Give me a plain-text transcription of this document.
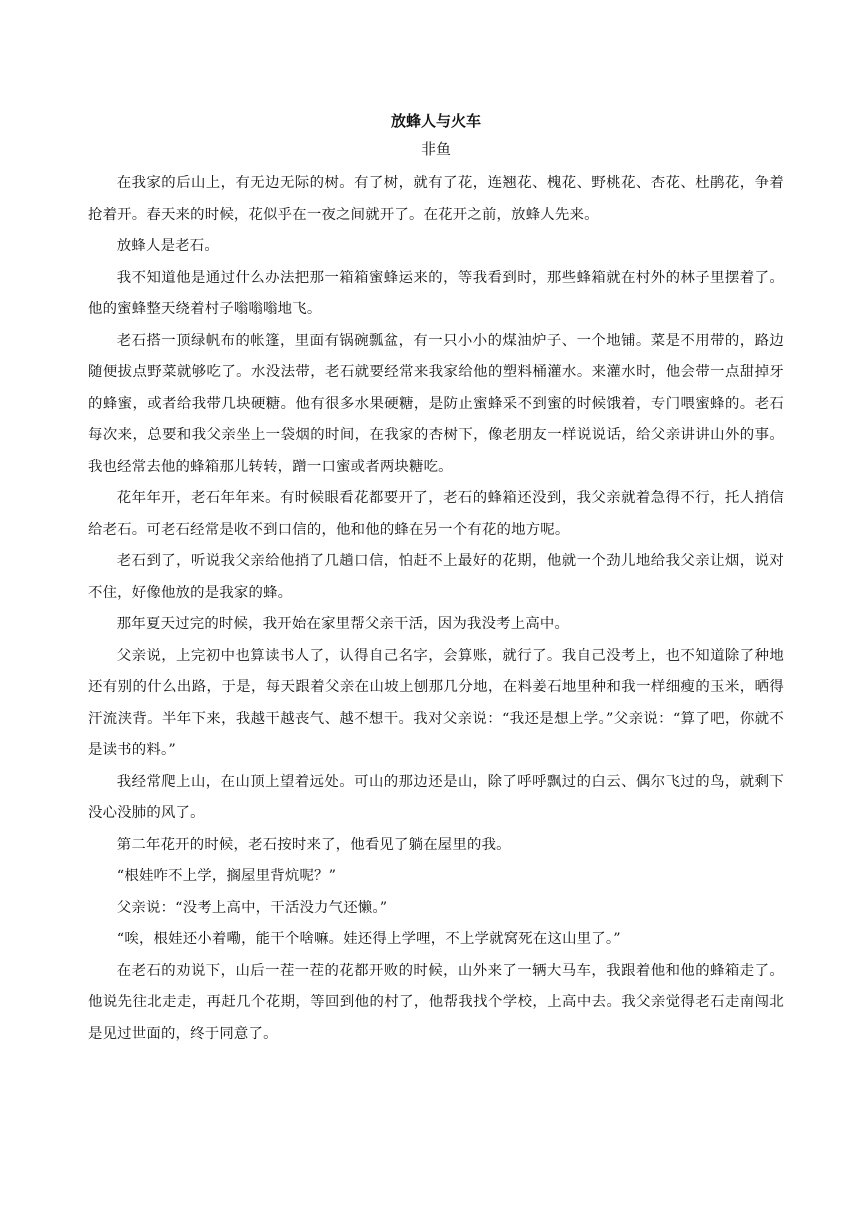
放蜂人与火车
非鱼

在我家的后山上，有无边无际的树。有了树，就有了花，连翘花、槐花、野桃花、杏花、杜鹃花，争着抢着开。春天来的时候，花似乎在一夜之间就开了。在花开之前，放蜂人先来。

放蜂人是老石。

我不知道他是通过什么办法把那一箱箱蜜蜂运来的，等我看到时，那些蜂箱就在村外的林子里摆着了。他的蜜蜂整天绕着村子嗡嗡嗡地飞。

老石搭一顶绿帆布的帐篷，里面有锅碗瓢盆，有一只小小的煤油炉子、一个地铺。菜是不用带的，路边随便拔点野菜就够吃了。水没法带，老石就要经常来我家给他的塑料桶灌水。来灌水时，他会带一点甜掉牙的蜂蜜，或者给我带几块硬糖。他有很多水果硬糖，是防止蜜蜂采不到蜜的时候饿着，专门喂蜜蜂的。老石每次来，总要和我父亲坐上一袋烟的时间，在我家的杏树下，像老朋友一样说说话，给父亲讲讲山外的事。我也经常去他的蜂箱那儿转转，蹭一口蜜或者两块糖吃。

花年年开，老石年年来。有时候眼看花都要开了，老石的蜂箱还没到，我父亲就着急得不行，托人捎信给老石。可老石经常是收不到口信的，他和他的蜂在另一个有花的地方呢。

老石到了，听说我父亲给他捎了几趟口信，怕赶不上最好的花期，他就一个劲儿地给我父亲让烟，说对不住，好像他放的是我家的蜂。

那年夏天过完的时候，我开始在家里帮父亲干活，因为我没考上高中。

父亲说，上完初中也算读书人了，认得自己名字，会算账，就行了。我自己没考上，也不知道除了种地还有别的什么出路，于是，每天跟着父亲在山坡上刨那几分地，在料姜石地里种和我一样细瘦的玉米，晒得汗流浃背。半年下来，我越干越丧气、越不想干。我对父亲说：“我还是想上学。”父亲说：“算了吧，你就不是读书的料。”

我经常爬上山，在山顶上望着远处。可山的那边还是山，除了呼呼飘过的白云、偶尔飞过的鸟，就剩下没心没肺的风了。

第二年花开的时候，老石按时来了，他看见了躺在屋里的我。

“根娃咋不上学，搁屋里背炕呢？”

父亲说：“没考上高中，干活没力气还懒。”

“唉，根娃还小着嘞，能干个啥嘛。娃还得上学哩，不上学就窝死在这山里了。”

在老石的劝说下，山后一茬一茬的花都开败的时候，山外来了一辆大马车，我跟着他和他的蜂箱走了。他说先往北走走，再赶几个花期，等回到他的村了，他帮我找个学校，上高中去。我父亲觉得老石走南闯北是见过世面的，终于同意了。
